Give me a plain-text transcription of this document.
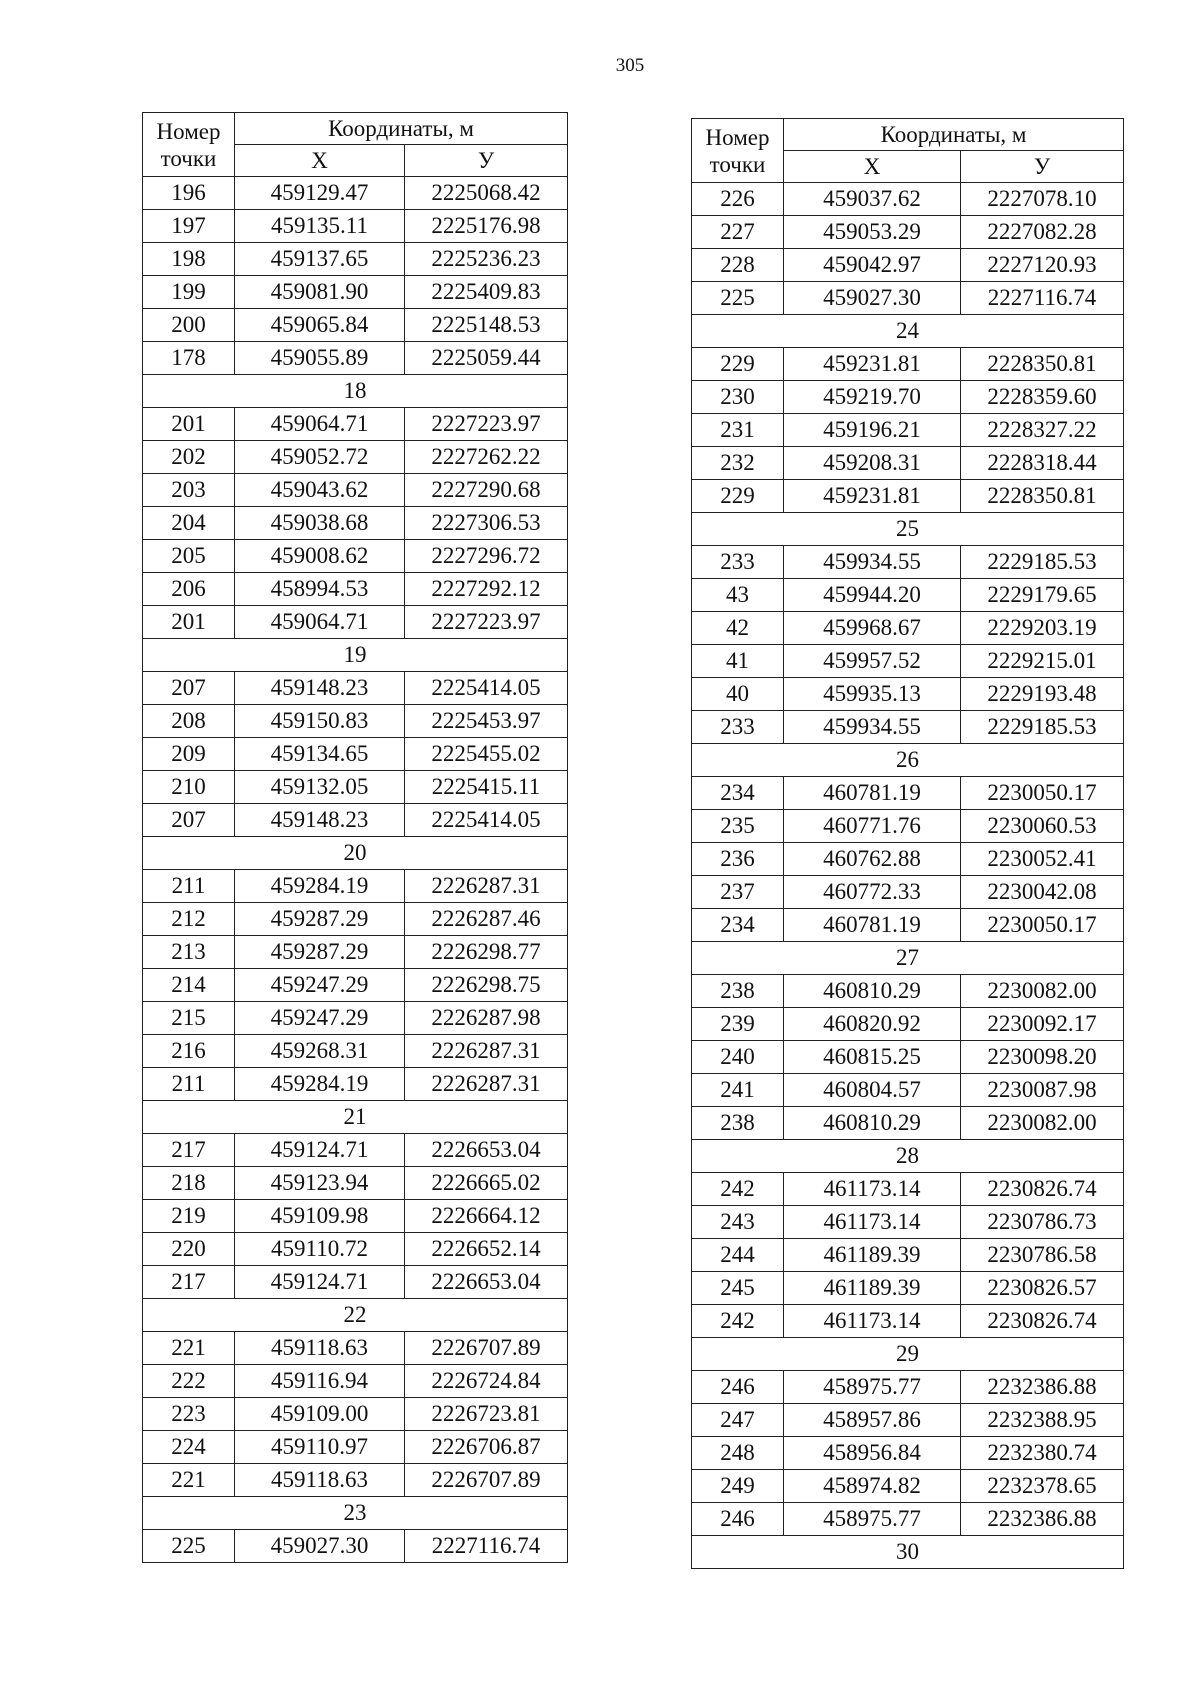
305
Номер
точки	Координаты, м	
	X	У
196	459129.47	2225068.42
197	459135.11	2225176.98
198	459137.65	2225236.23
199	459081.90	2225409.83
200	459065.84	2225148.53
178	459055.89	2225059.44
18		
201	459064.71	2227223.97
202	459052.72	2227262.22
203	459043.62	2227290.68
204	459038.68	2227306.53
205	459008.62	2227296.72
206	458994.53	2227292.12
201	459064.71	2227223.97
19		
207	459148.23	2225414.05
208	459150.83	2225453.97
209	459134.65	2225455.02
210	459132.05	2225415.11
207	459148.23	2225414.05
20		
211	459284.19	2226287.31
212	459287.29	2226287.46
213	459287.29	2226298.77
214	459247.29	2226298.75
215	459247.29	2226287.98
216	459268.31	2226287.31
211	459284.19	2226287.31
21		
217	459124.71	2226653.04
218	459123.94	2226665.02
219	459109.98	2226664.12
220	459110.72	2226652.14
217	459124.71	2226653.04
22		
221	459118.63	2226707.89
222	459116.94	2226724.84
223	459109.00	2226723.81
224	459110.97	2226706.87
221	459118.63	2226707.89
23		
225	459027.30	2227116.74
Номер
точки	Координаты, м	
	X	У
226	459037.62	2227078.10
227	459053.29	2227082.28
228	459042.97	2227120.93
225	459027.30	2227116.74
24		
229	459231.81	2228350.81
230	459219.70	2228359.60
231	459196.21	2228327.22
232	459208.31	2228318.44
229	459231.81	2228350.81
25		
233	459934.55	2229185.53
43	459944.20	2229179.65
42	459968.67	2229203.19
41	459957.52	2229215.01
40	459935.13	2229193.48
233	459934.55	2229185.53
26		
234	460781.19	2230050.17
235	460771.76	2230060.53
236	460762.88	2230052.41
237	460772.33	2230042.08
234	460781.19	2230050.17
27		
238	460810.29	2230082.00
239	460820.92	2230092.17
240	460815.25	2230098.20
241	460804.57	2230087.98
238	460810.29	2230082.00
28		
242	461173.14	2230826.74
243	461173.14	2230786.73
244	461189.39	2230786.58
245	461189.39	2230826.57
242	461173.14	2230826.74
29		
246	458975.77	2232386.88
247	458957.86	2232388.95
248	458956.84	2232380.74
249	458974.82	2232378.65
246	458975.77	2232386.88
30		
